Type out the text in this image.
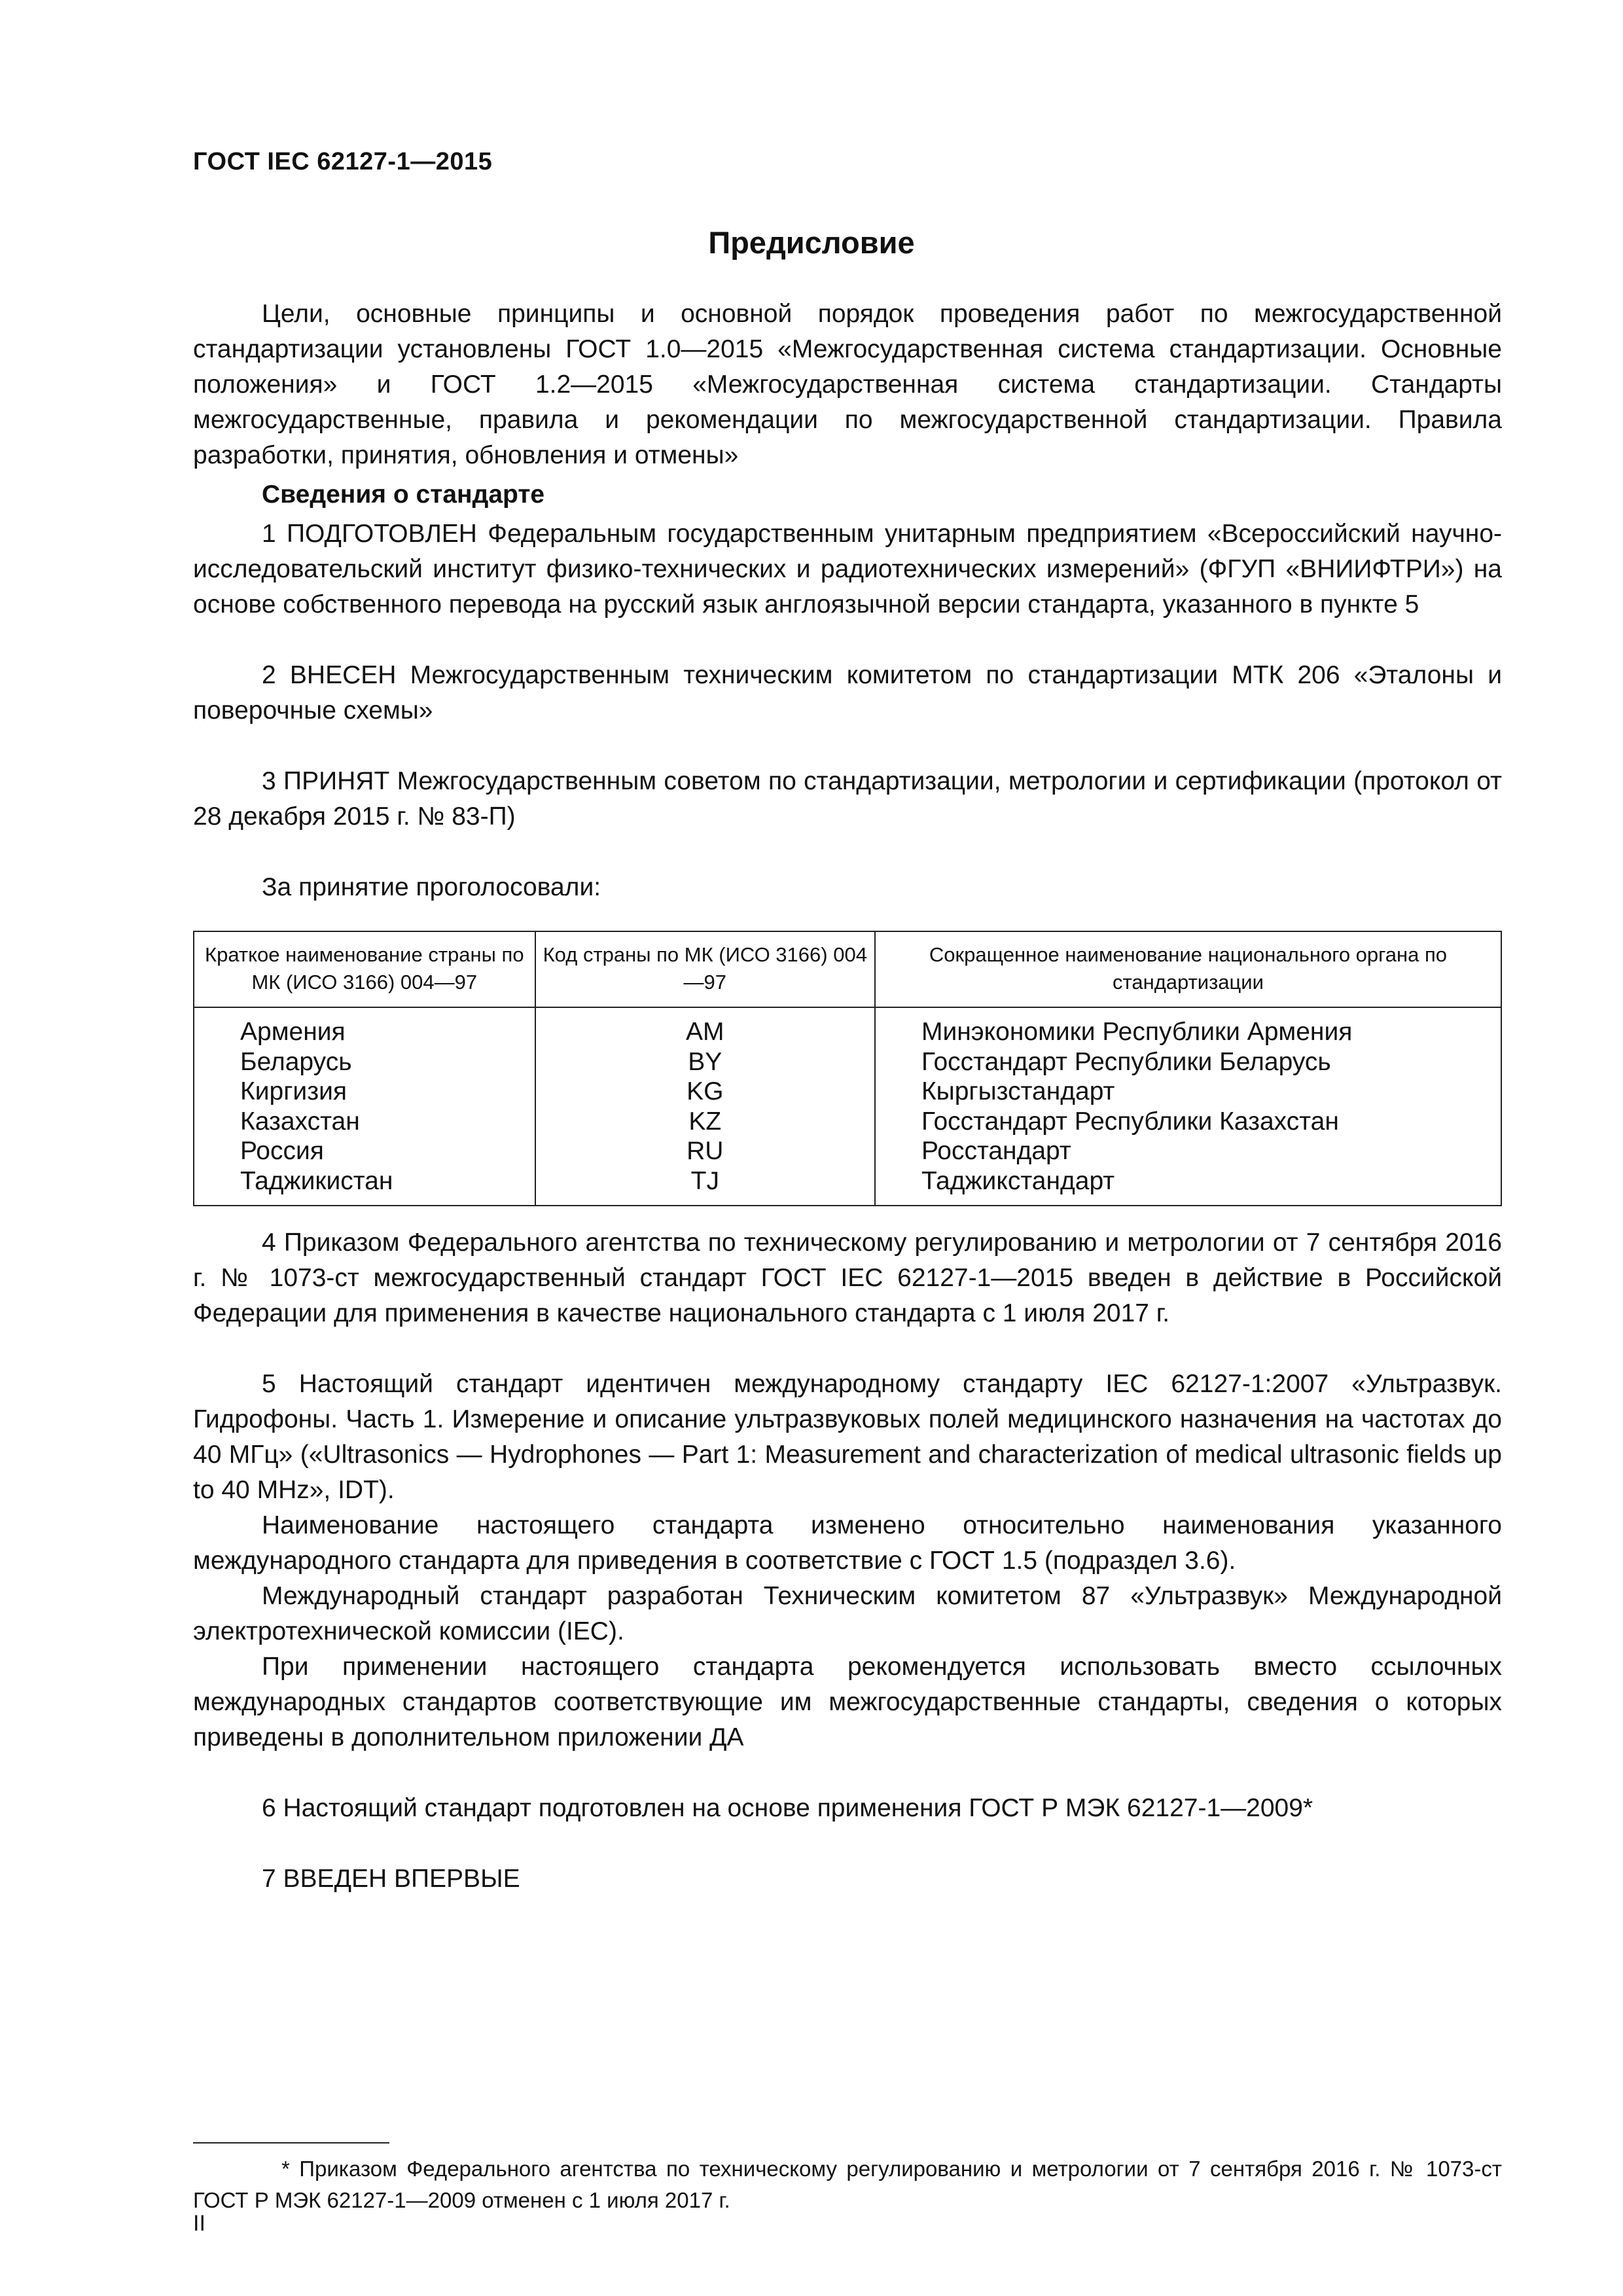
ГОСТ IEC 62127-1—2015
Предисловие

Цели, основные принципы и основной порядок проведения работ по межгосударственной стандартизации установлены ГОСТ 1.0—2015 «Межгосударственная система стандартизации. Основные положения» и ГОСТ 1.2—2015 «Межгосударственная система стандартизации. Стандарты межгосударственные, правила и рекомендации по межгосударственной стандартизации. Правила разработки, принятия, обновления и отмены»

Сведения о стандарте

1 ПОДГОТОВЛЕН Федеральным государственным унитарным предприятием «Всероссийский научно-исследовательский институт физико-технических и радиотехнических измерений» (ФГУП «ВНИИФТРИ») на основе собственного перевода на русский язык англоязычной версии стандарта, указанного в пункте 5

2 ВНЕСЕН Межгосударственным техническим комитетом по стандартизации МТК 206 «Эталоны и поверочные схемы»

3 ПРИНЯТ Межгосударственным советом по стандартизации, метрологии и сертификации (протокол от 28 декабря 2015 г. № 83-П)

За принятие проголосовали:

Краткое наименование страны по МК (ИСО 3166) 004—97	Код страны по МК (ИСО 3166) 004—97	Сокращенное наименование национального органа по стандартизации
Армения	AM	Минэкономики Республики Армения
Беларусь	BY	Госстандарт Республики Беларусь
Киргизия	KG	Кыргызстандарт
Казахстан	KZ	Госстандарт Республики Казахстан
Россия	RU	Росстандарт
Таджикистан	TJ	Таджикстандарт

4 Приказом Федерального агентства по техническому регулированию и метрологии от 7 сентября 2016 г. № 1073-ст межгосударственный стандарт ГОСТ IEC 62127-1—2015 введен в действие в Российской Федерации для применения в качестве национального стандарта с 1 июля 2017 г.

5 Настоящий стандарт идентичен международному стандарту IEC 62127-1:2007 «Ультразвук. Гидрофоны. Часть 1. Измерение и описание ультразвуковых полей медицинского назначения на частотах до 40 МГц» («Ultrasonics — Hydrophones — Part 1: Measurement and characterization of medical ultrasonic fields up to 40 MHz», IDT).

Наименование настоящего стандарта изменено относительно наименования указанного международного стандарта для приведения в соответствие с ГОСТ 1.5 (подраздел 3.6).

Международный стандарт разработан Техническим комитетом 87 «Ультразвук» Международной электротехнической комиссии (IEC).

При применении настоящего стандарта рекомендуется использовать вместо ссылочных международных стандартов соответствующие им межгосударственные стандарты, сведения о которых приведены в дополнительном приложении ДА

6 Настоящий стандарт подготовлен на основе применения ГОСТ Р МЭК 62127-1—2009*

7 ВВЕДЕН ВПЕРВЫЕ

* Приказом Федерального агентства по техническому регулированию и метрологии от 7 сентября 2016 г. № 1073-ст ГОСТ Р МЭК 62127-1—2009 отменен с 1 июля 2017 г.

II
